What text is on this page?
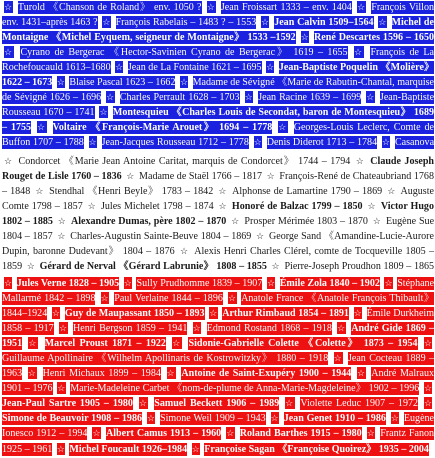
☆ Turold 《Chanson de Roland》 env. 1050 ? ☆ Jean Froissart 1333 – env. 1404 ☆ François Villon env. 1431–après 1463 ? ☆ François Rabelais – 1483 ? – 1553 ☆ Jean Calvin 1509–1564 ☆ Michel de Montaigne 《Michel Eyquem, seigneur de Montaigne》 1533 –1592 ☆ René Descartes 1596 – 1650 ☆ Cyrano de Bergerac 《Hector-Savinien Cyrano de Bergerac》 1619 – 1655 ☆ François de La Rochefoucauld 1613–1680 ☆ Jean de La Fontaine 1621 – 1695 ☆ Jean-Baptiste Poquelin 《Molière》 1622 – 1673 ☆ Blaise Pascal 1623 – 1662 ☆ Madame de Sévigné 《Marie de Rabutin-Chantal, marquise de Sévigné 1626 – 1696 ☆ Charles Perrault 1628 – 1703 ☆ Jean Racine 1639 – 1699 ☆ Jean-Baptiste Rousseau 1670 – 1741 ☆ Montesquieu 《Charles Louis de Secondat, baron de Montesquieu》 1689 – 1755 ☆ Voltaire 《François-Marie Arouet》 1694 – 1778 ☆ Georges-Louis Leclerc, Comte de Buffon 1707 – 1788 ☆ Jean-Jacques Rousseau 1712 – 1778 ☆ Denis Diderot 1713 – 1784 ☆ Casanova
☆ Condorcet 《Marie Jean Antoine Caritat, marquis de Condorcet》 1744 – 1794 ☆ Claude Joseph Rouget de Lisle 1760 – 1836 ☆ Madame de Staël 1766 – 1817 ☆ François-René de Chateaubriand 1768 – 1848 ☆ Stendhal 《Henri Beyle》 1783 – 1842 ☆ Alphonse de Lamartine 1790 – 1869 ☆ Auguste Comte 1798 – 1857 ☆ Jules Michelet 1798 – 1874 ☆ Honoré de Balzac 1799 – 1850 ☆ Victor Hugo 1802 – 1885 ☆ Alexandre Dumas, père 1802 – 1870 ☆ Prosper Mérimée 1803 – 1870 ☆ Eugène Sue 1804 – 1857 ☆ Charles-Augustin Sainte-Beuve 1804 – 1869 ☆ George Sand 《Amandine-Lucie-Aurore Dupin, baronne Dudevant》 1804 – 1876 ☆ Alexis Henri Charles Clérel, comte de Tocqueville 1805 – 1859 ☆ Gérard de Nerval 《Gérard Labrunie》 1808 – 1855 ☆ Pierre-Joseph Proudhon 1809 – 1865
☆ Jules Verne 1828 – 1905 ☆ Sully Prudhomme 1839 – 1907 ☆ Émile Zola 1840 – 1902 ☆ Stéphane Mallarmé 1842 – 1898 ☆ Paul Verlaine 1844 – 1896 ☆ Anatole France 《Anatole François Thibault》 1844–1924 ☆ Guy de Maupassant 1850 – 1893 ☆ Arthur Rimbaud 1854 – 1891 ☆ Émile Durkheim 1858 – 1917 ☆ Henri Bergson 1859 – 1941 ☆ Edmond Rostand 1868 – 1918 ☆ André Gide 1869 – 1951 ☆ Marcel Proust 1871 – 1922 ☆ Sidonie-Gabrielle Colette 《Colette》 1873 – 1954 ☆ Guillaume Apollinaire 《Wilhelm Apollinaris de Kostrowitzky》 1880 – 1918 ☆ Jean Cocteau 1889 – 1963 ☆ Henri Michaux 1899 – 1984 ☆ Antoine de Saint-Exupéry 1900 – 1944 ☆ André Malraux 1901 – 1976 ☆ Marie-Madeleine Carbet 《nom-de-plume de Anna-Marie-Magdeleine》 1902 – 1996 ☆ Jean-Paul Sartre 1905 – 1980 ☆ Samuel Beckett 1906 – 1989 ☆ Violette Leduc 1907 – 1972 ☆ Simone de Beauvoir 1908 – 1986 ☆ Simone Weil 1909 – 1943 ☆ Jean Genet 1910 – 1986 ☆ Eugène Ionesco 1912 – 1994 ☆ Albert Camus 1913 – 1960 ☆ Roland Barthes 1915 – 1980 ☆ Frantz Fanon 1925 – 1961 ☆ Michel Foucault 1926–1984 ☆ Françoise Sagan 《Françoise Quoirez》 1935 – 2004
